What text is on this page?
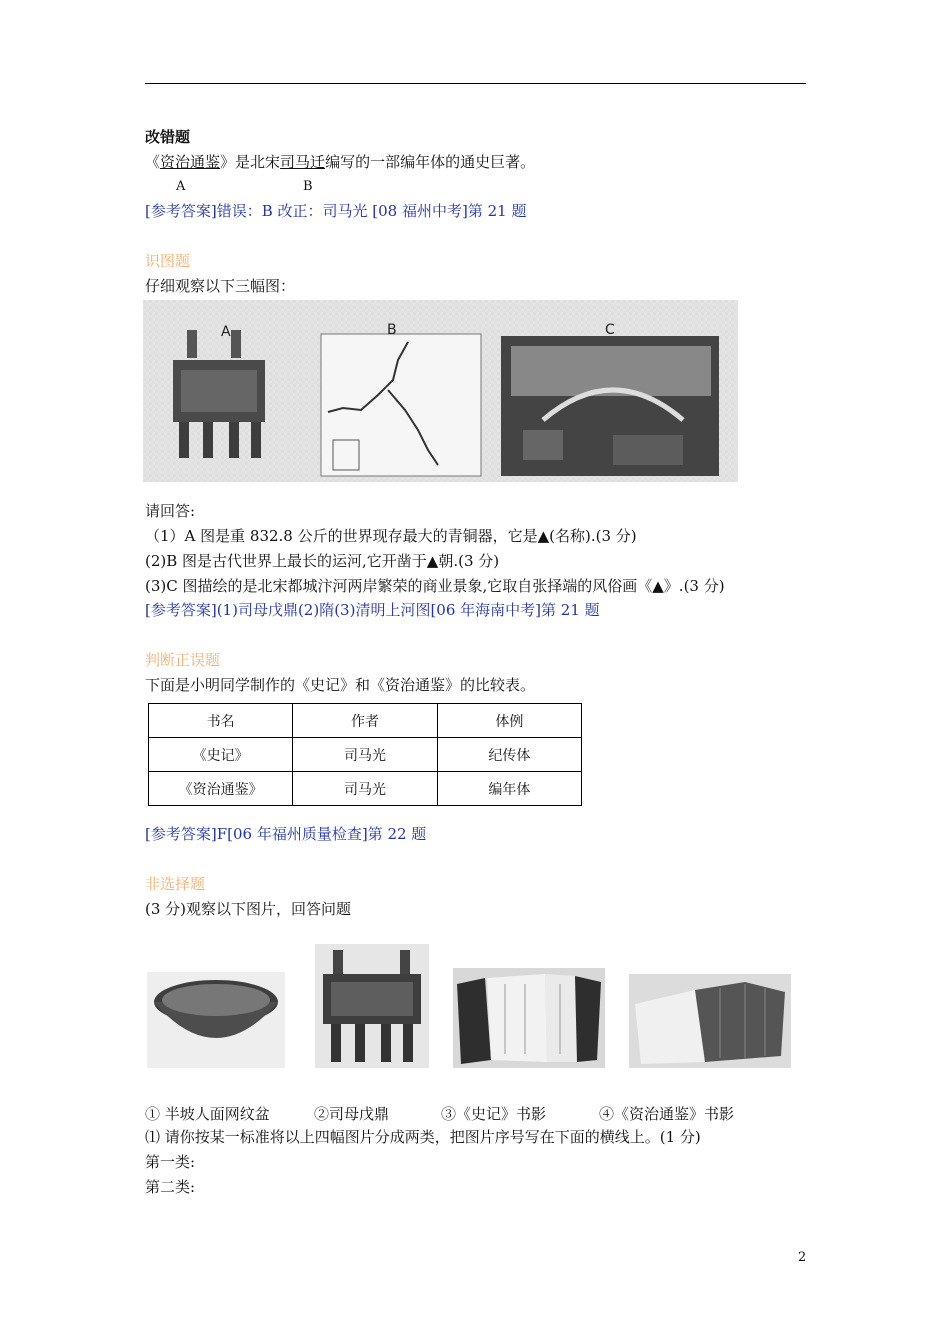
改错题
《资治通鉴》是北宋司马迁编写的一部编年体的通史巨著。
A	B
[参考答案]错误：B 改正：司马光 [08 福州中考]第 21 题
识图题
仔细观察以下三幅图：
A	B	C
请回答:
（1）A 图是重 832.8 公斤的世界现存最大的青铜器，它是▲(名称).(3 分)
(2)B 图是古代世界上最长的运河,它开凿于▲朝.(3 分)
(3)C 图描绘的是北宋都城汴河两岸繁荣的商业景象,它取自张择端的风俗画《▲》.(3 分)
[参考答案](1)司母戊鼎(2)隋(3)清明上河图[06 年海南中考]第 21 题
判断正误题
下面是小明同学制作的《史记》和《资治通鉴》的比较表。
书名	作者	体例
《史记》	司马光	纪传体
《资治通鉴》	司马光	编年体
[参考答案]F[06 年福州质量检查]第 22 题
非选择题
(3 分)观察以下图片，回答问题
① 半坡人面网纹盆	②司母戊鼎	③《史记》书影	④《资治通鉴》书影
⑴ 请你按某一标准将以上四幅图片分成两类，把图片序号写在下面的横线上。(1 分)
第一类:
第二类:
2
